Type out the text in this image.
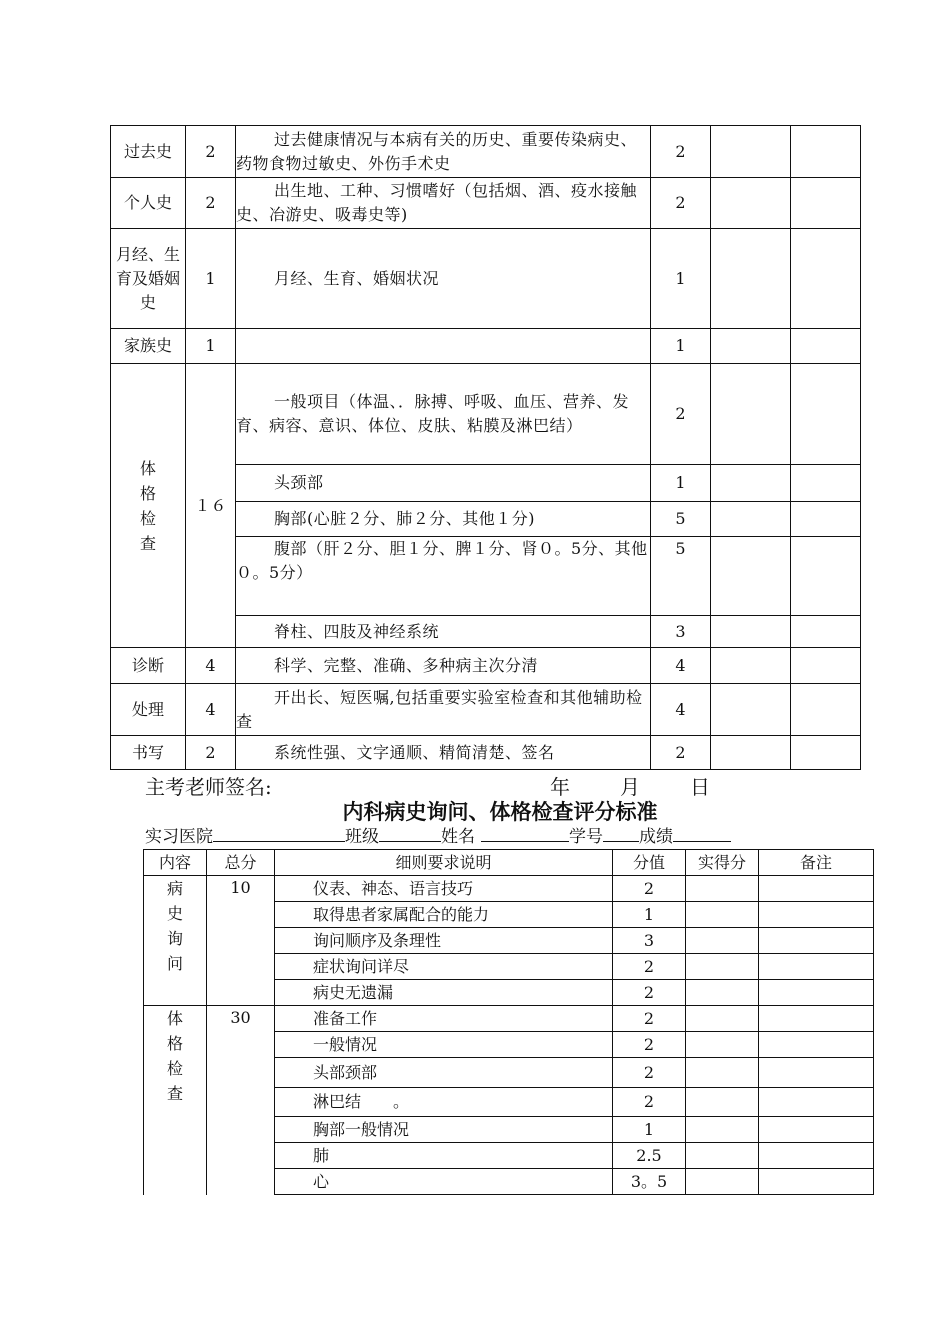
过去史	2	过去健康情况与本病有关的历史、重要传染病史、药物食物过敏史、外伤手术史	2		
个人史	2	出生地、工种、习惯嗜好（包括烟、酒、疫水接触史、冶游史、吸毒史等)	2		
月经、生育及婚姻史	1	月经、生育、婚姻状况	1		
家族史	1		1		
体格检查	１６	一般项目（体温、．脉搏、呼吸、血压、营养、发育、病容、意识、体位、皮肤、粘膜及淋巴结）	2		
		头颈部	1		
		胸部(心脏２分、肺２分、其他１分)	5		
		腹部（肝２分、胆１分、脾１分、肾０。5分、其他０。5分）	5		
		脊柱、四肢及神经系统	3		
诊断	4	科学、完整、准确、多种病主次分清	4		
处理	4	开出长、短医嘱,包括重要实验室检查和其他辅助检查	4		
书写	2	系统性强、文字通顺、精简清楚、签名	2		
主考老师签名:	年	月	日
内科病史询问、体格检查评分标准
实习医院	班级	姓名	学号 成绩
内容	总分	细则要求说明	分值	实得分	备注
病史询问	10	仪表、神态、语言技巧	2		
		取得患者家属配合的能力	1		
		询问顺序及条理性	3		
		症状询问详尽	2		
		病史无遗漏	2		
体格检查	30	准备工作	2		
		一般情况	2		
		头部颈部	2		
		淋巴结　　。	2		
		胸部一般情况	1		
		肺	2.5		
		心	3。5		
